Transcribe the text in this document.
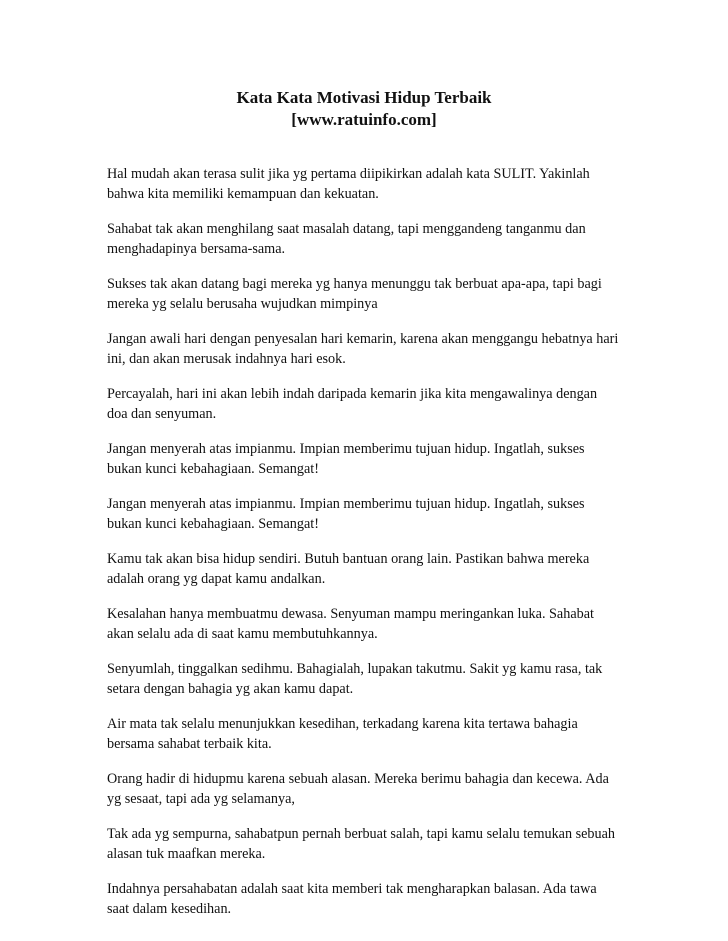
Kata Kata Motivasi Hidup Terbaik

[www.ratuinfo.com]

Hal mudah akan terasa sulit jika yg pertama diipikirkan adalah kata SULIT. Yakinlah
bahwa kita memiliki kemampuan dan kekuatan.

Sahabat tak akan menghilang saat masalah datang, tapi menggandeng tanganmu dan
menghadapinya bersama-sama.

Sukses tak akan datang bagi mereka yg hanya menunggu tak berbuat apa-apa, tapi bagi
mereka yg selalu berusaha wujudkan mimpinya

Jangan awali hari dengan penyesalan hari kemarin, karena akan menggangu hebatnya hari
ini, dan akan merusak indahnya hari esok.

Percayalah, hari ini akan lebih indah daripada kemarin jika kita mengawalinya dengan
doa dan senyuman.

Jangan menyerah atas impianmu. Impian memberimu tujuan hidup. Ingatlah, sukses
bukan kunci kebahagiaan. Semangat!

Jangan menyerah atas impianmu. Impian memberimu tujuan hidup. Ingatlah, sukses
bukan kunci kebahagiaan. Semangat!

Kamu tak akan bisa hidup sendiri. Butuh bantuan orang lain. Pastikan bahwa mereka
adalah orang yg dapat kamu andalkan.

Kesalahan hanya membuatmu dewasa. Senyuman mampu meringankan luka. Sahabat
akan selalu ada di saat kamu membutuhkannya.

Senyumlah, tinggalkan sedihmu. Bahagialah, lupakan takutmu. Sakit yg kamu rasa, tak
setara dengan bahagia yg akan kamu dapat.

Air mata tak selalu menunjukkan kesedihan, terkadang karena kita tertawa bahagia
bersama sahabat terbaik kita.

Orang hadir di hidupmu karena sebuah alasan. Mereka berimu bahagia dan kecewa. Ada
yg sesaat, tapi ada yg selamanya,

Tak ada yg sempurna, sahabatpun pernah berbuat salah, tapi kamu selalu temukan sebuah
alasan tuk maafkan mereka.

Indahnya persahabatan adalah saat kita memberi tak mengharapkan balasan. Ada tawa
saat dalam kesedihan.
